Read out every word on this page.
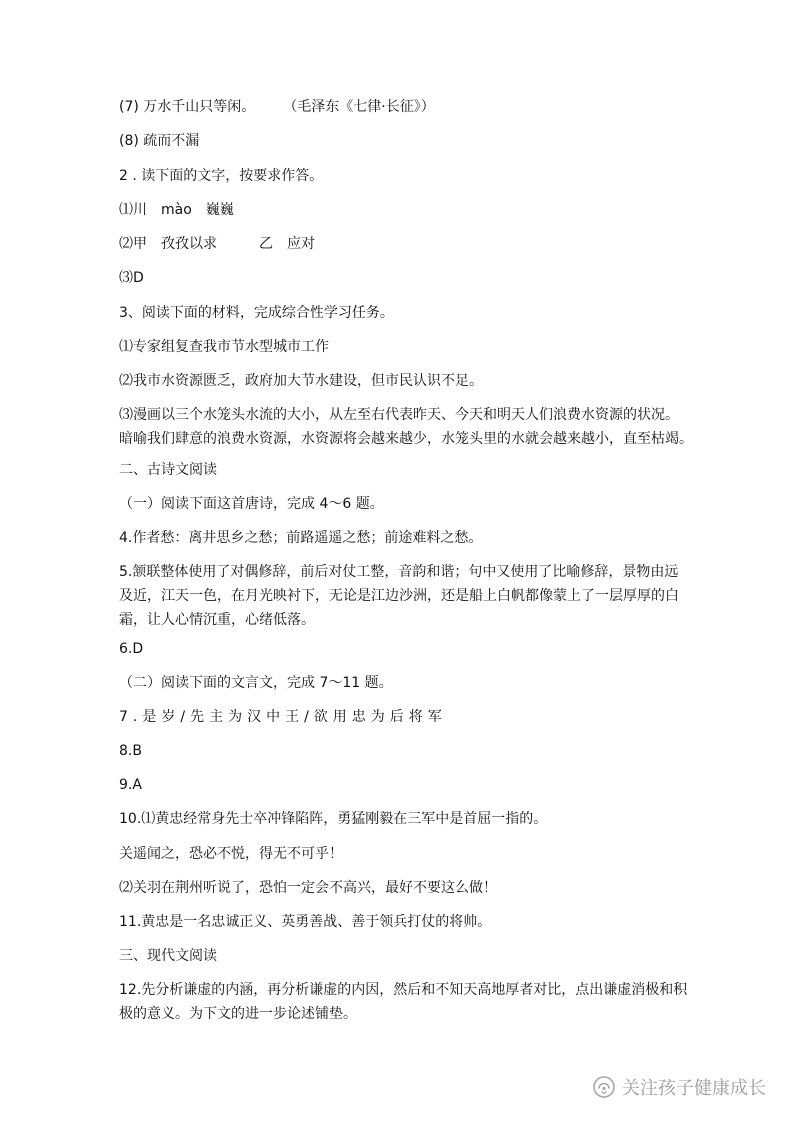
(7) 万水千山只等闲。　　　（毛泽东《七律·长征》）
(8) 疏而不漏
2 . 读下面的文字，按要求作答。
⑴川　mào　巍巍
⑵甲　孜孜以求　　　乙　应对
⑶D
3、阅读下面的材料，完成综合性学习任务。
⑴专家组复查我市节水型城市工作
⑵我市水资源匮乏，政府加大节水建设，但市民认识不足。
⑶漫画以三个水笼头水流的大小，从左至右代表昨天、今天和明天人们浪费水资源的状况。
暗喻我们肆意的浪费水资源，水资源将会越来越少，水笼头里的水就会越来越小，直至枯竭。
二、古诗文阅读
（一）阅读下面这首唐诗，完成 4～6 题。
4.作者愁：离井思乡之愁；前路遥遥之愁；前途难料之愁。
5.颔联整体使用了对偶修辞，前后对仗工整，音韵和谐；句中又使用了比喻修辞，景物由远
及近，江天一色，在月光映衬下，无论是江边沙洲，还是船上白帆都像蒙上了一层厚厚的白
霜，让人心情沉重，心绪低落。
6.D
（二）阅读下面的文言文，完成 7～11 题。
7.是岁/先主为汉中王/欲用忠为后将军
8.B
9.A
10.⑴黄忠经常身先士卒冲锋陷阵，勇猛刚毅在三军中是首屈一指的。
关遥闻之，恐必不悦，得无不可乎！
⑵关羽在荆州听说了，恐怕一定会不高兴，最好不要这么做！
11.黄忠是一名忠诚正义、英勇善战、善于领兵打仗的将帅。
三、现代文阅读
12.先分析谦虚的内涵，再分析谦虚的内因，然后和不知天高地厚者对比，点出谦虚消极和积
极的意义。为下文的进一步论述铺垫。
关注孩子健康成长
